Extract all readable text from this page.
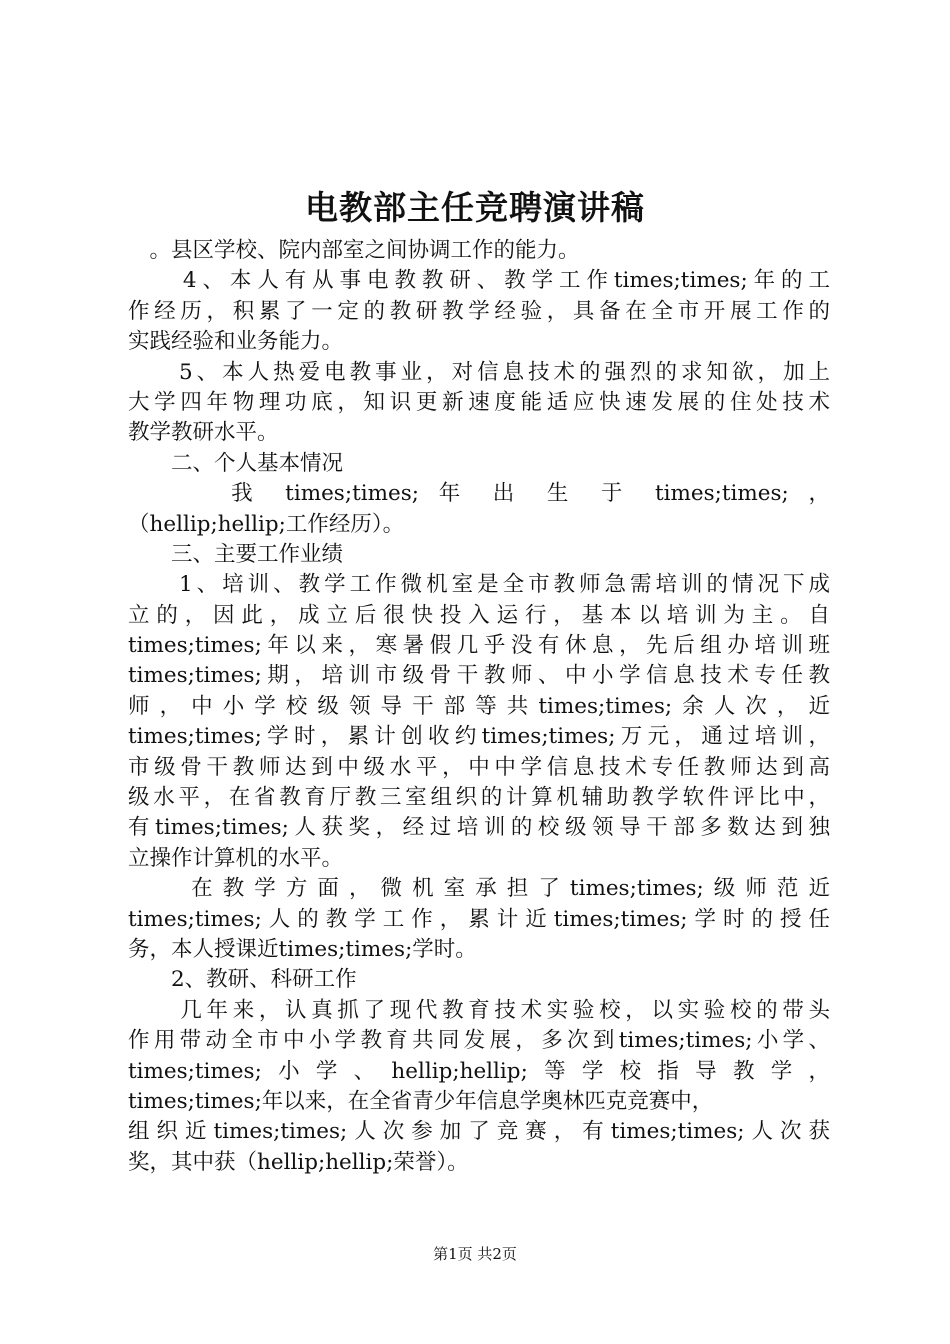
电教部主任竞聘演讲稿
　。县区学校、院内部室之间协调工作的能力。
　　4、本人有从事电教教研、教学工作times;times;年的工
作经历，积累了一定的教研教学经验，具备在全市开展工作的
实践经验和业务能力。
　　5、本人热爱电教事业，对信息技术的强烈的求知欲，加上
大学四年物理功底，知识更新速度能适应快速发展的住处技术
教学教研水平。
　　二、个人基本情况
　　　我 times;times; 年 出 生 于 times;times; ，
（hellip;hellip;工作经历）。
　　三、主要工作业绩
　　1、培训、教学工作微机室是全市教师急需培训的情况下成
立的，因此，成立后很快投入运行，基本以培训为主。自
times;times;年以来，寒暑假几乎没有休息，先后组办培训班
times;times;期，培训市级骨干教师、中小学信息技术专任教
师，中小学校级领导干部等共times;times;余人次，近
times;times;学时，累计创收约times;times;万元，通过培训，
市级骨干教师达到中级水平，中中学信息技术专任教师达到高
级水平，在省教育厅教三室组织的计算机辅助教学软件评比中，
有times;times;人获奖，经过培训的校级领导干部多数达到独
立操作计算机的水平。
　　在教学方面，微机室承担了times;times;级师范近
times;times;人的教学工作，累计近times;times;学时的授任
务，本人授课近times;times;学时。
　　2、教研、科研工作
　　几年来，认真抓了现代教育技术实验校，以实验校的带头
作用带动全市中小学教育共同发展，多次到times;times;小学、
times;times;小学、hellip;hellip;等学校指导教学，
times;times;年以来，在全省青少年信息学奥林匹克竞赛中，
组织近times;times;人次参加了竞赛，有times;times;人次获
奖，其中获（hellip;hellip;荣誉）。
第1页 共2页
